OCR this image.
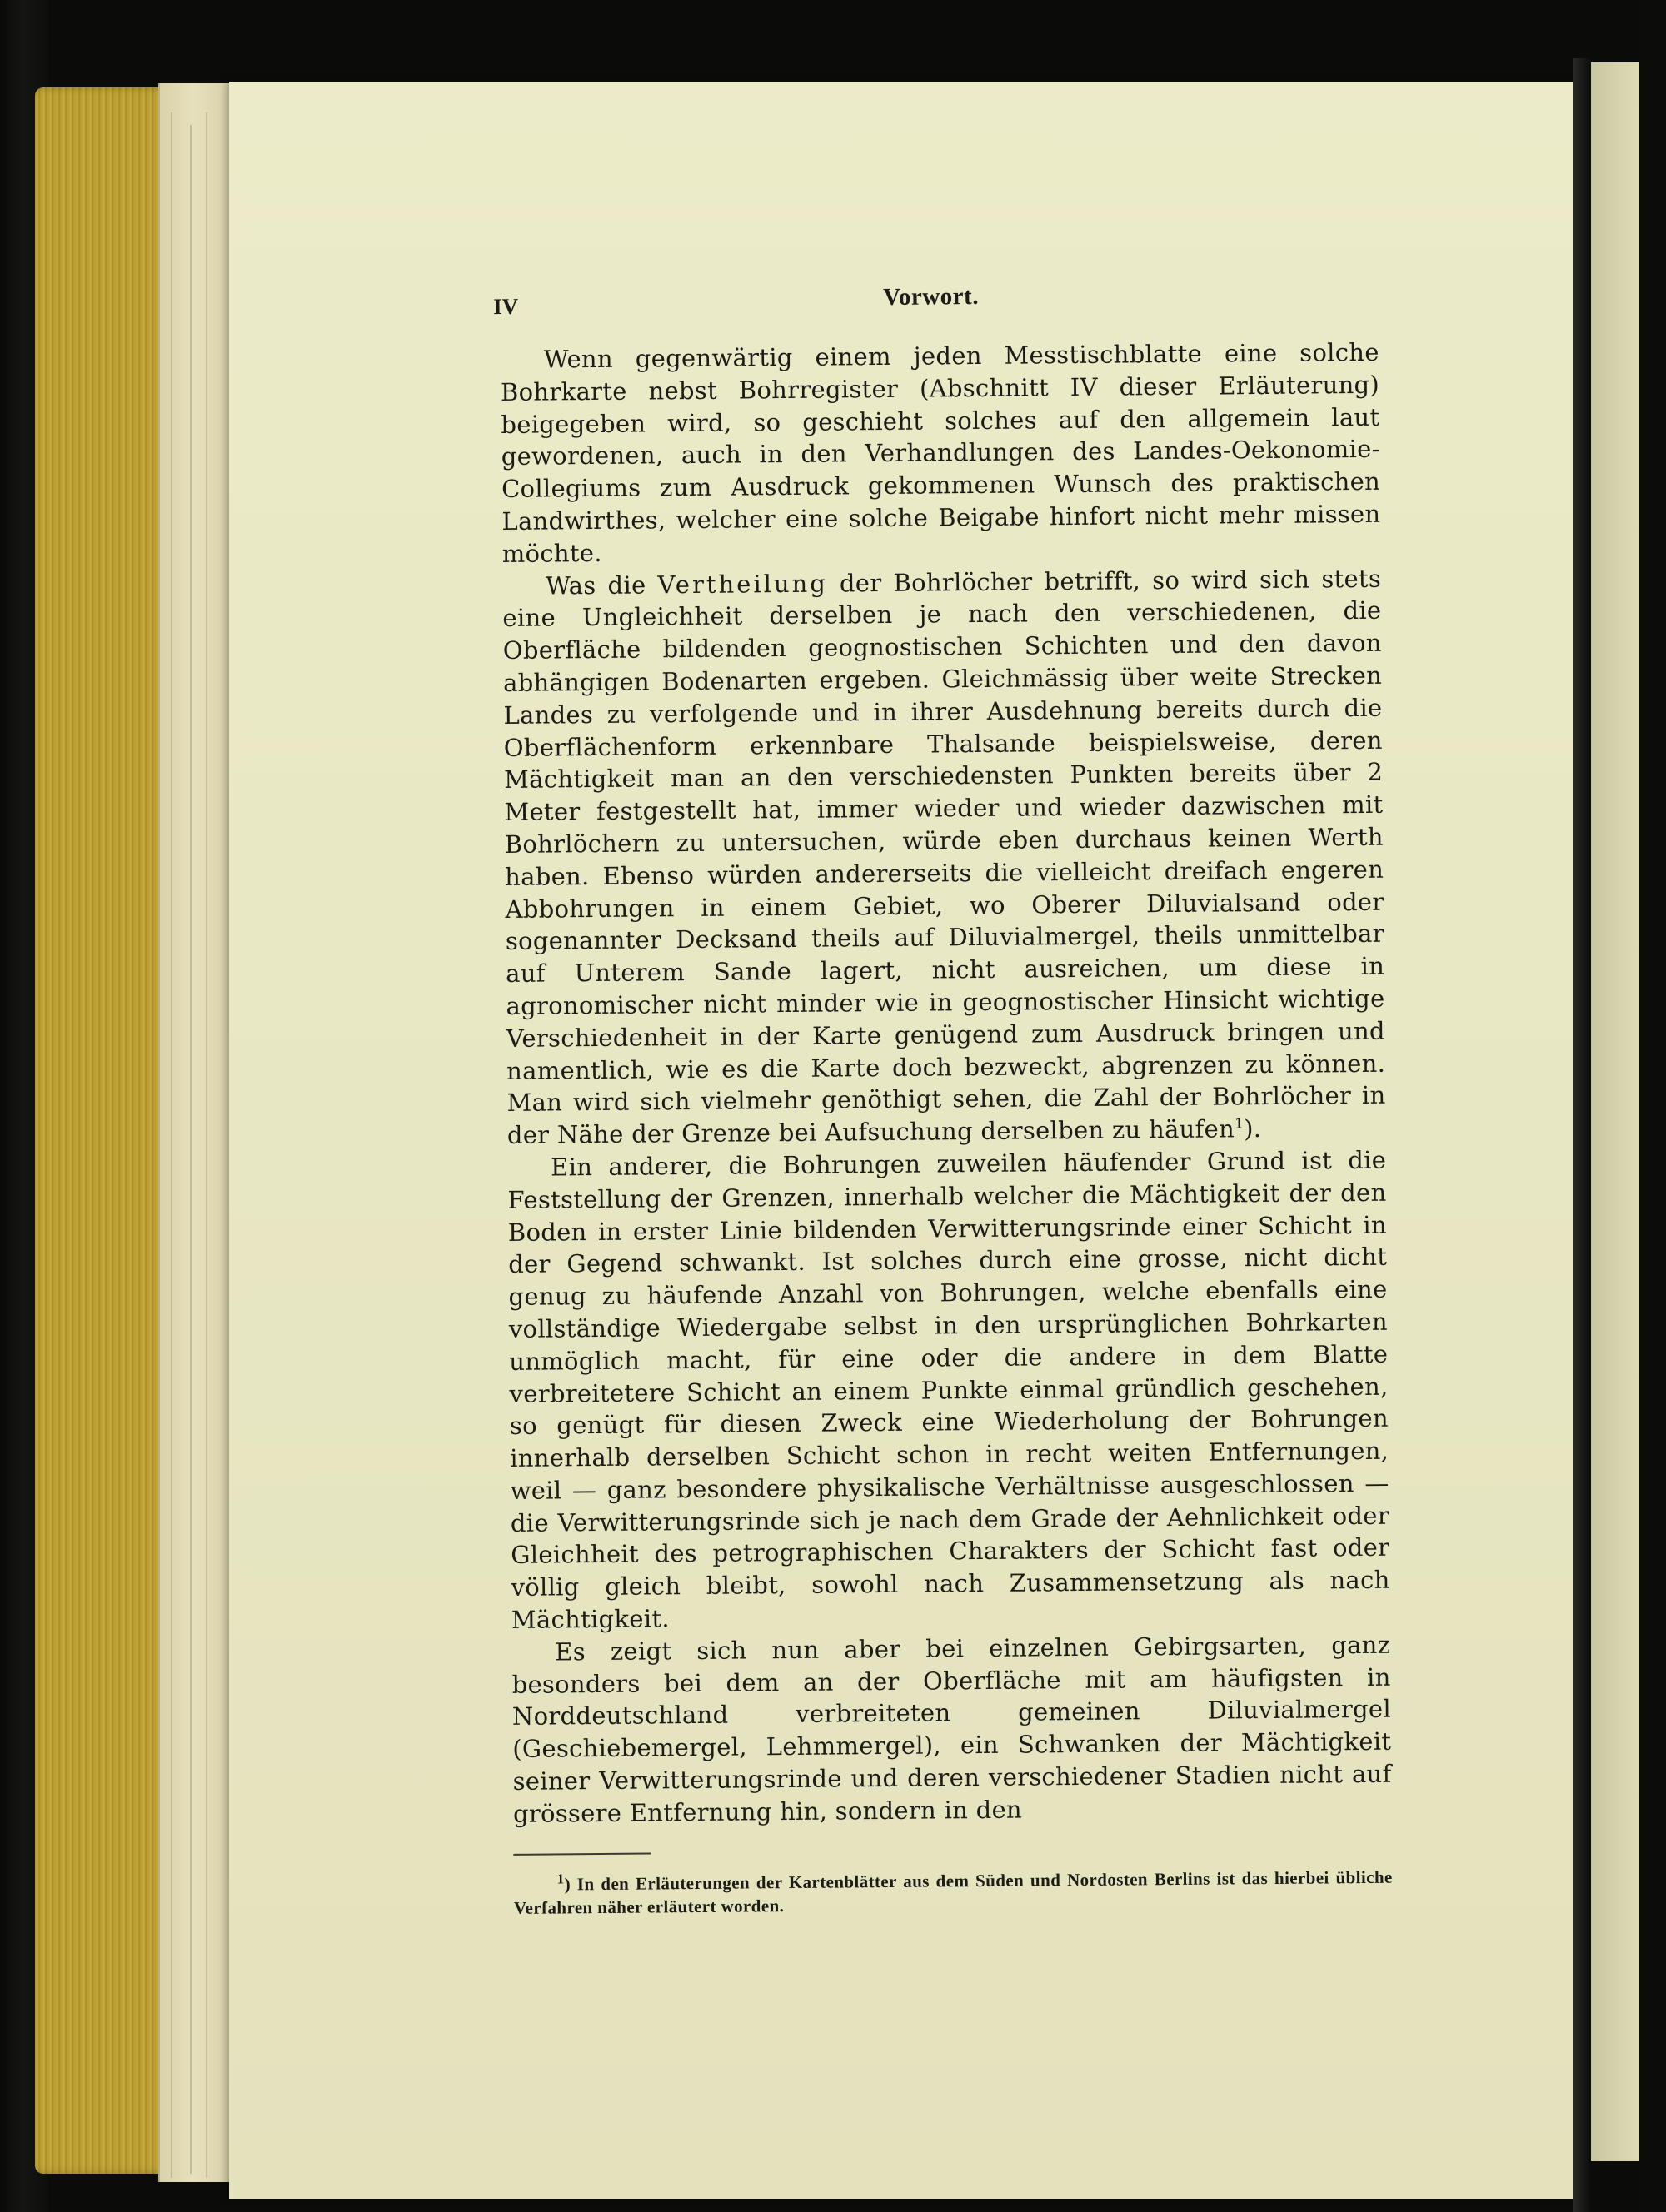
IV	Vorwort.

Wenn gegenwärtig einem jeden Messtischblatte eine solche Bohrkarte nebst Bohrregister (Abschnitt IV dieser Erläuterung) beigegeben wird, so geschieht solches auf den allgemein laut gewordenen, auch in den Verhandlungen des Landes-Oekonomie-Collegiums zum Ausdruck gekommenen Wunsch des praktischen Landwirthes, welcher eine solche Beigabe hinfort nicht mehr missen möchte.

Was die Vertheilung der Bohrlöcher betrifft, so wird sich stets eine Ungleichheit derselben je nach den verschiedenen, die Oberfläche bildenden geognostischen Schichten und den davon abhängigen Bodenarten ergeben. Gleichmässig über weite Strecken Landes zu verfolgende und in ihrer Ausdehnung bereits durch die Oberflächenform erkennbare Thalsande beispielsweise, deren Mächtigkeit man an den verschiedensten Punkten bereits über 2 Meter festgestellt hat, immer wieder und wieder dazwischen mit Bohrlöchern zu untersuchen, würde eben durchaus keinen Werth haben. Ebenso würden andererseits die vielleicht dreifach engeren Abbohrungen in einem Gebiet, wo Oberer Diluvialsand oder sogenannter Decksand theils auf Diluvialmergel, theils unmittelbar auf Unterem Sande lagert, nicht ausreichen, um diese in agronomischer nicht minder wie in geognostischer Hinsicht wichtige Verschiedenheit in der Karte genügend zum Ausdruck bringen und namentlich, wie es die Karte doch bezweckt, abgrenzen zu können. Man wird sich vielmehr genöthigt sehen, die Zahl der Bohrlöcher in der Nähe der Grenze bei Aufsuchung derselben zu häufen$^1$).

Ein anderer, die Bohrungen zuweilen häufender Grund ist die Feststellung der Grenzen, innerhalb welcher die Mächtigkeit der den Boden in erster Linie bildenden Verwitterungsrinde einer Schicht in der Gegend schwankt. Ist solches durch eine grosse, nicht dicht genug zu häufende Anzahl von Bohrungen, welche ebenfalls eine vollständige Wiedergabe selbst in den ursprünglichen Bohrkarten unmöglich macht, für eine oder die andere in dem Blatte verbreitetere Schicht an einem Punkte einmal gründlich geschehen, so genügt für diesen Zweck eine Wiederholung der Bohrungen innerhalb derselben Schicht schon in recht weiten Entfernungen, weil — ganz besondere physikalische Verhältnisse ausgeschlossen — die Verwitterungsrinde sich je nach dem Grade der Aehnlichkeit oder Gleichheit des petrographischen Charakters der Schicht fast oder völlig gleich bleibt, sowohl nach Zusammensetzung als nach Mächtigkeit.

Es zeigt sich nun aber bei einzelnen Gebirgsarten, ganz besonders bei dem an der Oberfläche mit am häufigsten in Norddeutschland verbreiteten gemeinen Diluvialmergel (Geschiebemergel, Lehmmergel), ein Schwanken der Mächtigkeit seiner Verwitterungsrinde und deren verschiedener Stadien nicht auf grössere Entfernung hin, sondern in den

$^1$) In den Erläuterungen der Kartenblätter aus dem Süden und Nordosten Berlins ist das hierbei übliche Verfahren näher erläutert worden.
